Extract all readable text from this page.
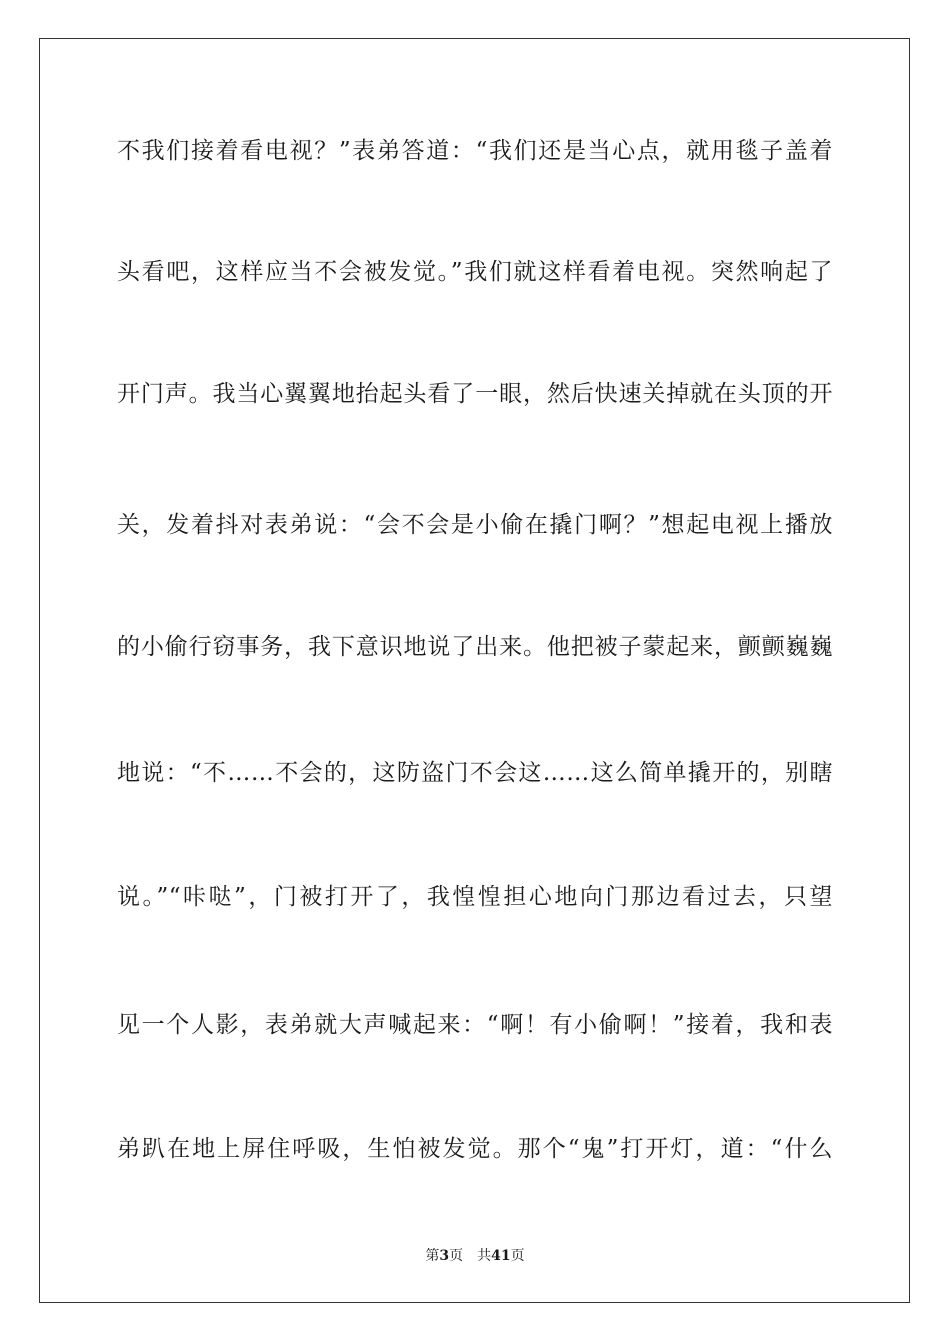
不我们接着看电视？”表弟答道：“我们还是当心点，就用毯子盖着
头看吧，这样应当不会被发觉。”我们就这样看着电视。突然响起了
开门声。我当心翼翼地抬起头看了一眼，然后快速关掉就在头顶的开
关，发着抖对表弟说：“会不会是小偷在撬门啊？”想起电视上播放
的小偷行窃事务，我下意识地说了出来。他把被子蒙起来，颤颤巍巍
地说：“不……不会的，这防盗门不会这……这么简单撬开的，别瞎
说。”“咔哒”，门被打开了，我惶惶担心地向门那边看过去，只望
见一个人影，表弟就大声喊起来：“啊！有小偷啊！”接着，我和表
弟趴在地上屏住呼吸，生怕被发觉。那个“鬼”打开灯，道：“什么
第3页 共41页
